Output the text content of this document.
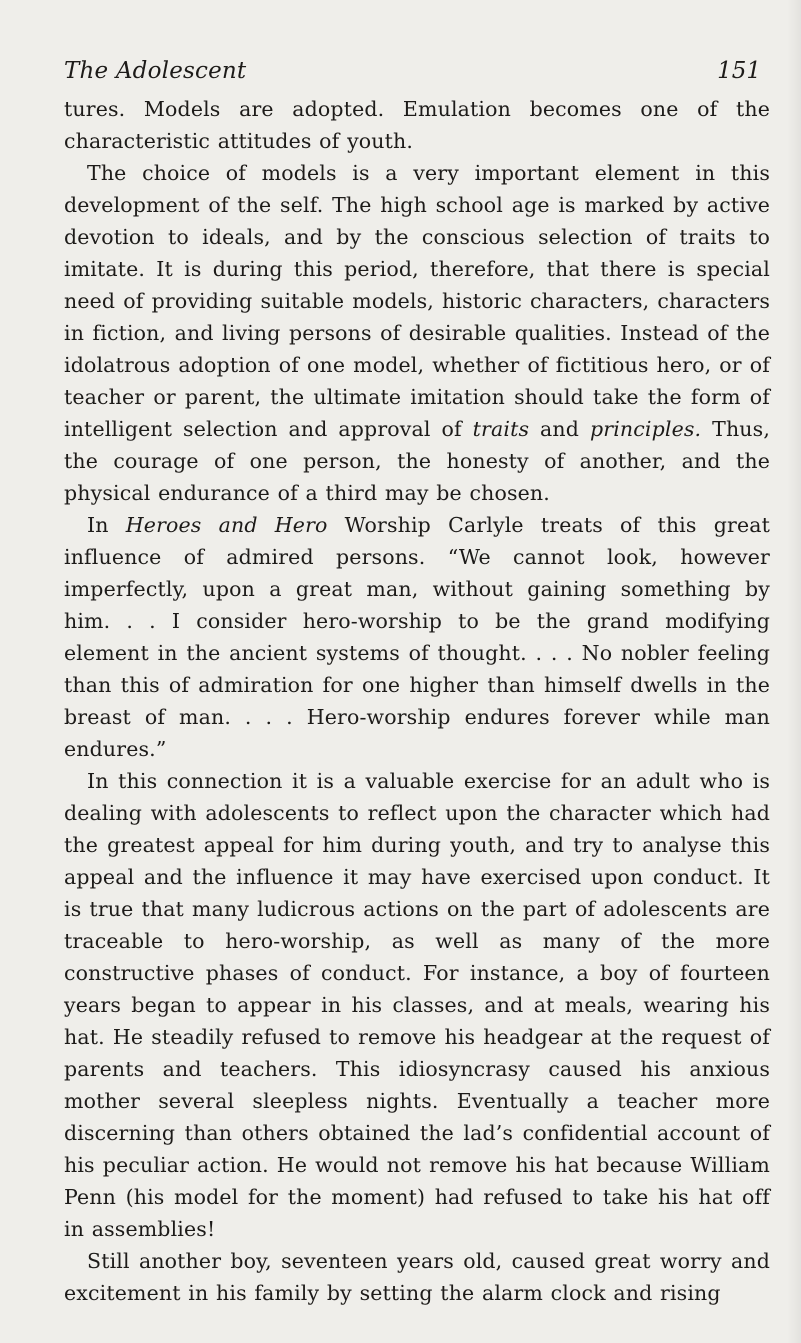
The Adolescent	151

tures. Models are adopted. Emulation becomes one of the characteristic attitudes of youth.

The choice of models is a very important element in this development of the self. The high school age is marked by active devotion to ideals, and by the conscious selection of traits to imitate. It is during this period, therefore, that there is special need of providing suitable models, historic characters, characters in fiction, and living persons of desirable qualities. Instead of the idolatrous adoption of one model, whether of fictitious hero, or of teacher or parent, the ultimate imitation should take the form of intelligent selection and approval of traits and principles. Thus, the courage of one person, the honesty of another, and the physical endurance of a third may be chosen.

In Heroes and Hero Worship Carlyle treats of this great influence of admired persons. “We cannot look, however imperfectly, upon a great man, without gaining something by him. . . I consider hero-worship to be the grand modifying element in the ancient systems of thought. . . . No nobler feeling than this of admiration for one higher than himself dwells in the breast of man. . . . Hero-worship endures forever while man endures.”

In this connection it is a valuable exercise for an adult who is dealing with adolescents to reflect upon the character which had the greatest appeal for him during youth, and try to analyse this appeal and the influence it may have exercised upon conduct. It is true that many ludicrous actions on the part of adolescents are traceable to hero-worship, as well as many of the more constructive phases of conduct. For instance, a boy of fourteen years began to appear in his classes, and at meals, wearing his hat. He steadily refused to remove his headgear at the request of parents and teachers. This idiosyncrasy caused his anxious mother several sleepless nights. Eventually a teacher more discerning than others obtained the lad’s confidential account of his peculiar action. He would not remove his hat because William Penn (his model for the moment) had refused to take his hat off in assemblies!

Still another boy, seventeen years old, caused great worry and excitement in his family by setting the alarm clock and rising
